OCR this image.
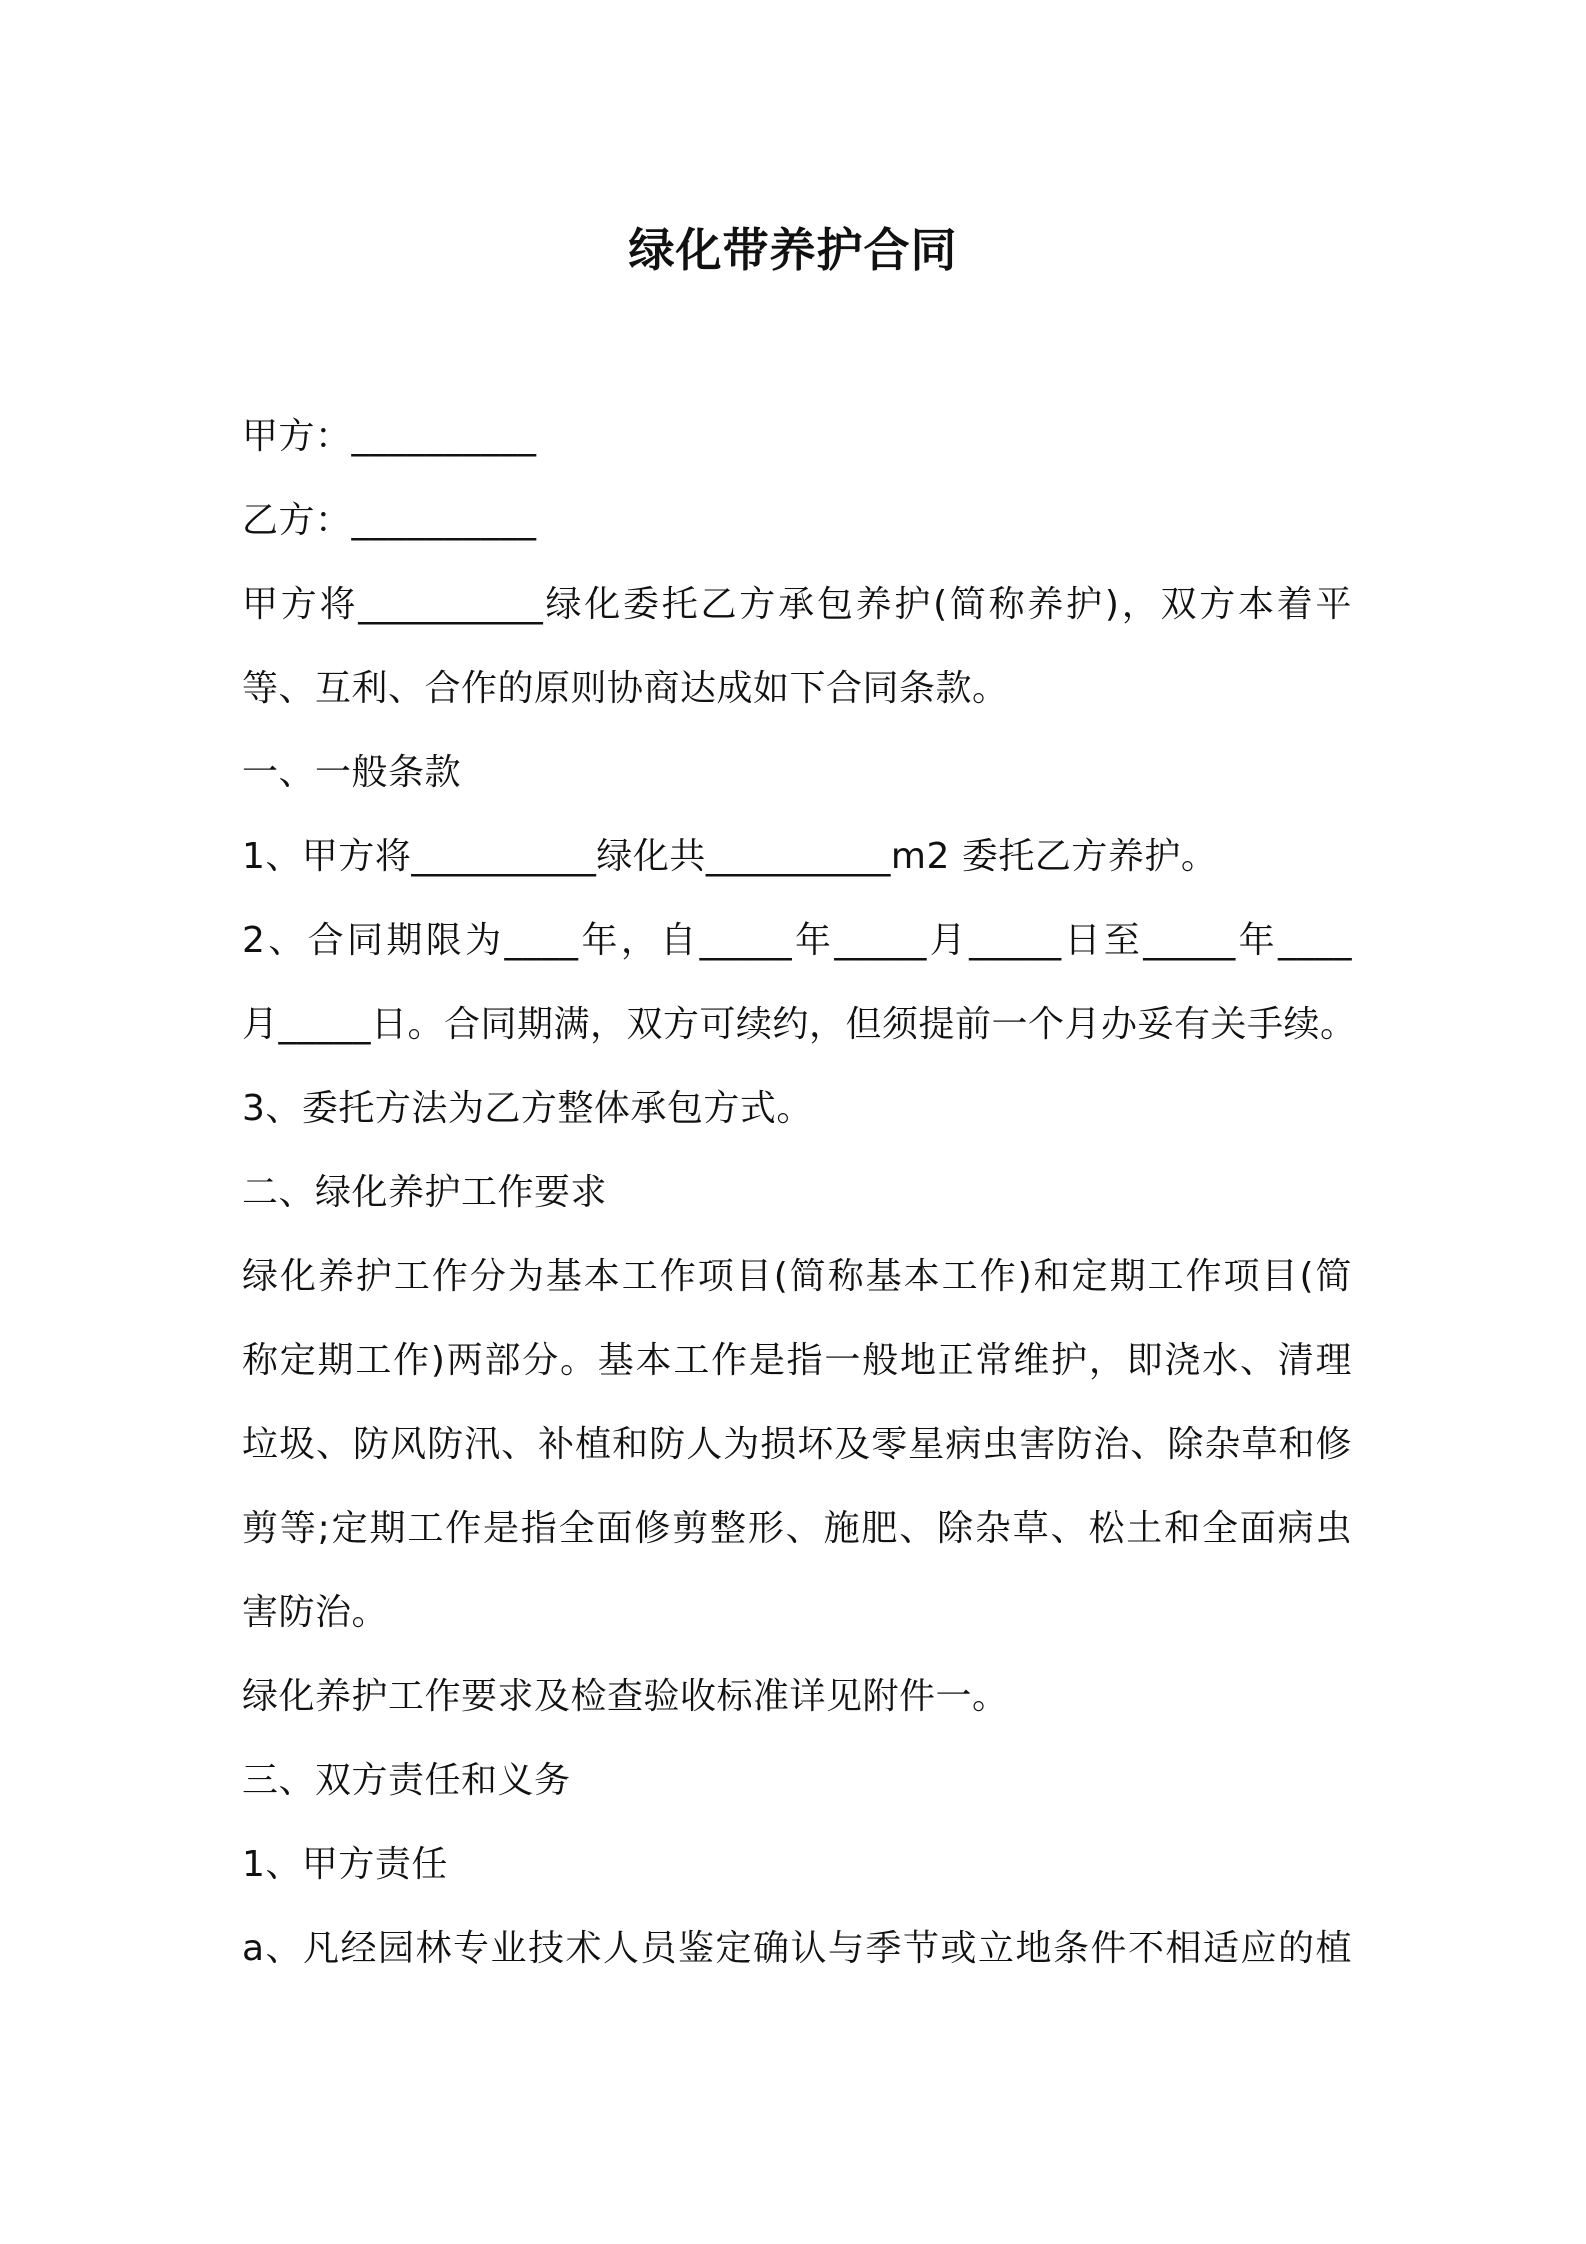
绿化带养护合同
甲方：__________
乙方：__________
甲方将__________绿化委托乙方承包养护(简称养护)，双方本着平
等、互利、合作的原则协商达成如下合同条款。
一、一般条款
1、甲方将__________绿化共__________m2 委托乙方养护。
2、合同期限为____年，自_____年_____月_____日至_____年____
月_____日。合同期满，双方可续约，但须提前一个月办妥有关手续。
3、委托方法为乙方整体承包方式。
二、绿化养护工作要求
绿化养护工作分为基本工作项目(简称基本工作)和定期工作项目(简
称定期工作)两部分。基本工作是指一般地正常维护，即浇水、清理
垃圾、防风防汛、补植和防人为损坏及零星病虫害防治、除杂草和修
剪等;定期工作是指全面修剪整形、施肥、除杂草、松土和全面病虫
害防治。
绿化养护工作要求及检查验收标准详见附件一。
三、双方责任和义务
1、甲方责任
a、凡经园林专业技术人员鉴定确认与季节或立地条件不相适应的植
